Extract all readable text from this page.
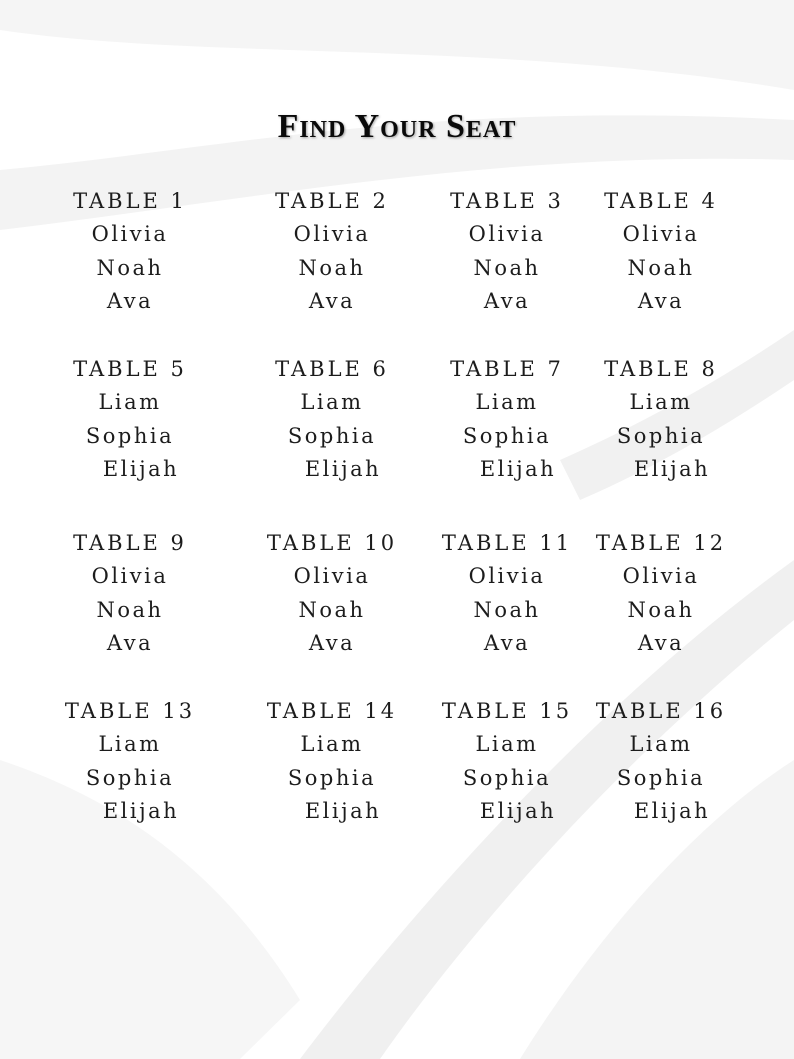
Find Your Seat
TABLE 1
Olivia
Noah
Ava
TABLE 2
Olivia
Noah
Ava
TABLE 3
Olivia
Noah
Ava
TABLE 4
Olivia
Noah
Ava
TABLE 5
Liam
Sophia
Elijah
TABLE 6
Liam
Sophia
Elijah
TABLE 7
Liam
Sophia
Elijah
TABLE 8
Liam
Sophia
Elijah
TABLE 9
Olivia
Noah
Ava
TABLE 10
Olivia
Noah
Ava
TABLE 11
Olivia
Noah
Ava
TABLE 12
Olivia
Noah
Ava
TABLE 13
Liam
Sophia
Elijah
TABLE 14
Liam
Sophia
Elijah
TABLE 15
Liam
Sophia
Elijah
TABLE 16
Liam
Sophia
Elijah
